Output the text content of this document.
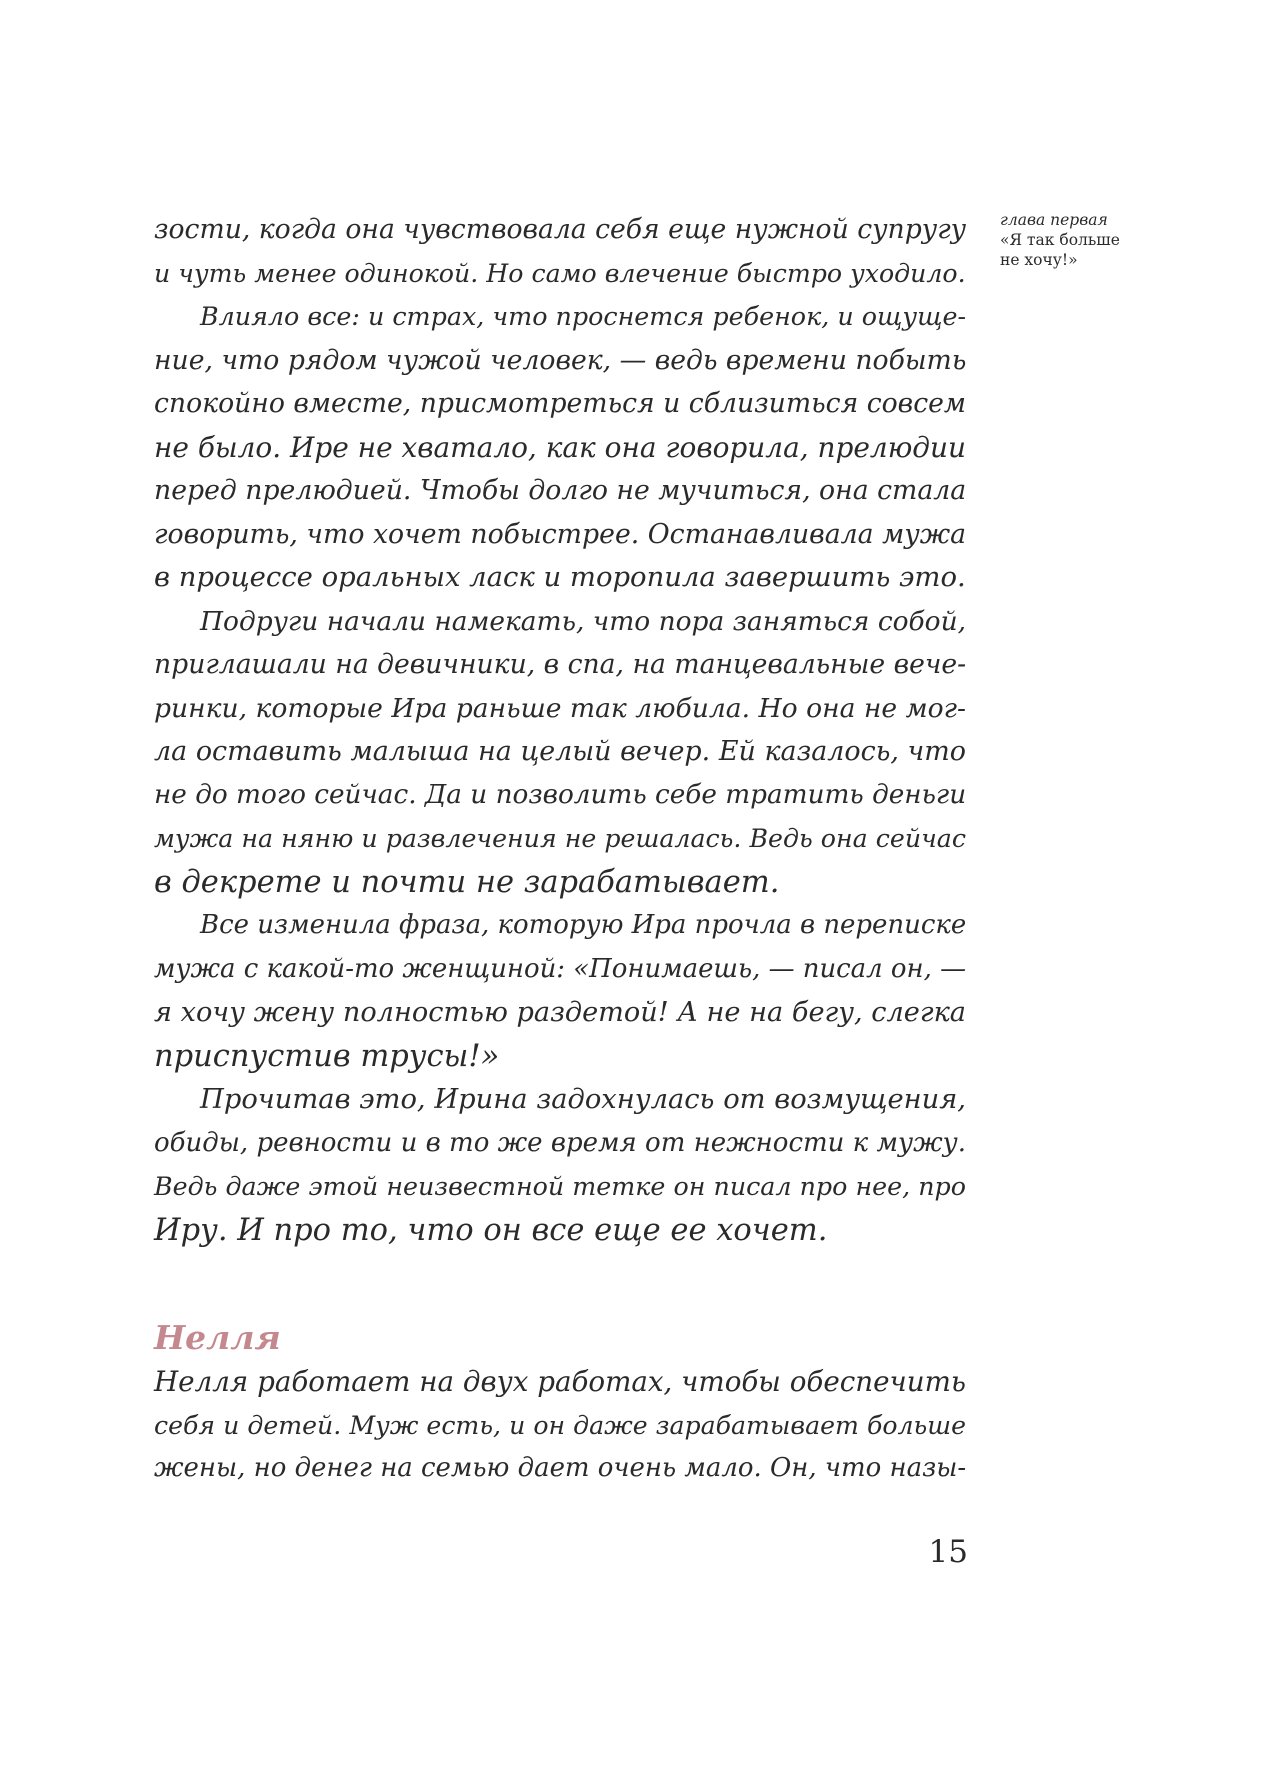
глава первая
«Я так больше
не хочу!»
зости, когда она чувствовала себя еще нужной супругу
и чуть менее одинокой. Но само влечение быстро уходило.
Влияло все: и страх, что проснется ребенок, и ощуще-
ние, что рядом чужой человек, — ведь времени побыть
спокойно вместе, присмотреться и сблизиться совсем
не было. Ире не хватало, как она говорила, прелюдии
перед прелюдией. Чтобы долго не мучиться, она стала
говорить, что хочет побыстрее. Останавливала мужа
в процессе оральных ласк и торопила завершить это.
Подруги начали намекать, что пора заняться собой,
приглашали на девичники, в спа, на танцевальные вече-
ринки, которые Ира раньше так любила. Но она не мог-
ла оставить малыша на целый вечер. Ей казалось, что
не до того сейчас. Да и позволить себе тратить деньги
мужа на няню и развлечения не решалась. Ведь она сейчас
в декрете и почти не зарабатывает.
Все изменила фраза, которую Ира прочла в переписке
мужа с какой-то женщиной: «Понимаешь, — писал он, —
я хочу жену полностью раздетой! А не на бегу, слегка
приспустив трусы!»
Прочитав это, Ирина задохнулась от возмущения,
обиды, ревности и в то же время от нежности к мужу.
Ведь даже этой неизвестной тетке он писал про нее, про
Иру. И про то, что он все еще ее хочет.
Нелля
Нелля работает на двух работах, чтобы обеспечить
себя и детей. Муж есть, и он даже зарабатывает больше
жены, но денег на семью дает очень мало. Он, что назы-
15
